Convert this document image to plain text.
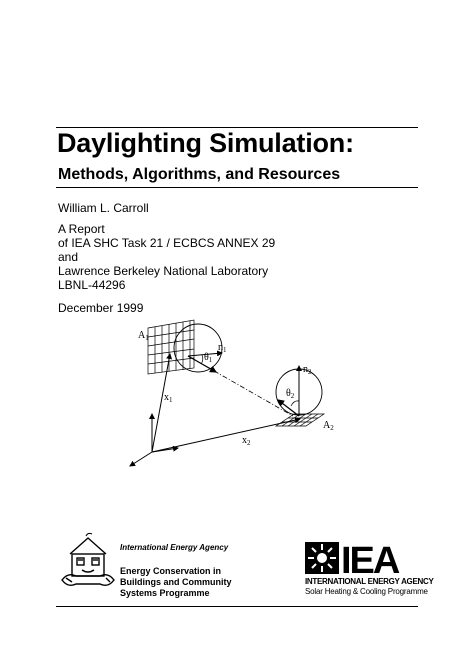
Daylighting Simulation:
Methods, Algorithms, and Resources
William L. Carroll
A Report
of IEA SHC Task 21 / ECBCS ANNEX 29
and
Lawrence Berkeley National Laboratory
LBNL-44296
December 1999
$A_1$
$n_1$
$\theta_1$
$x_1$
$n_2$
$\theta_2$
$A_2$
$x_2$
International Energy Agency
Energy Conservation in
Buildings and Community
Systems Programme
IEA
INTERNATIONAL ENERGY AGENCY
Solar Heating & Cooling Programme
